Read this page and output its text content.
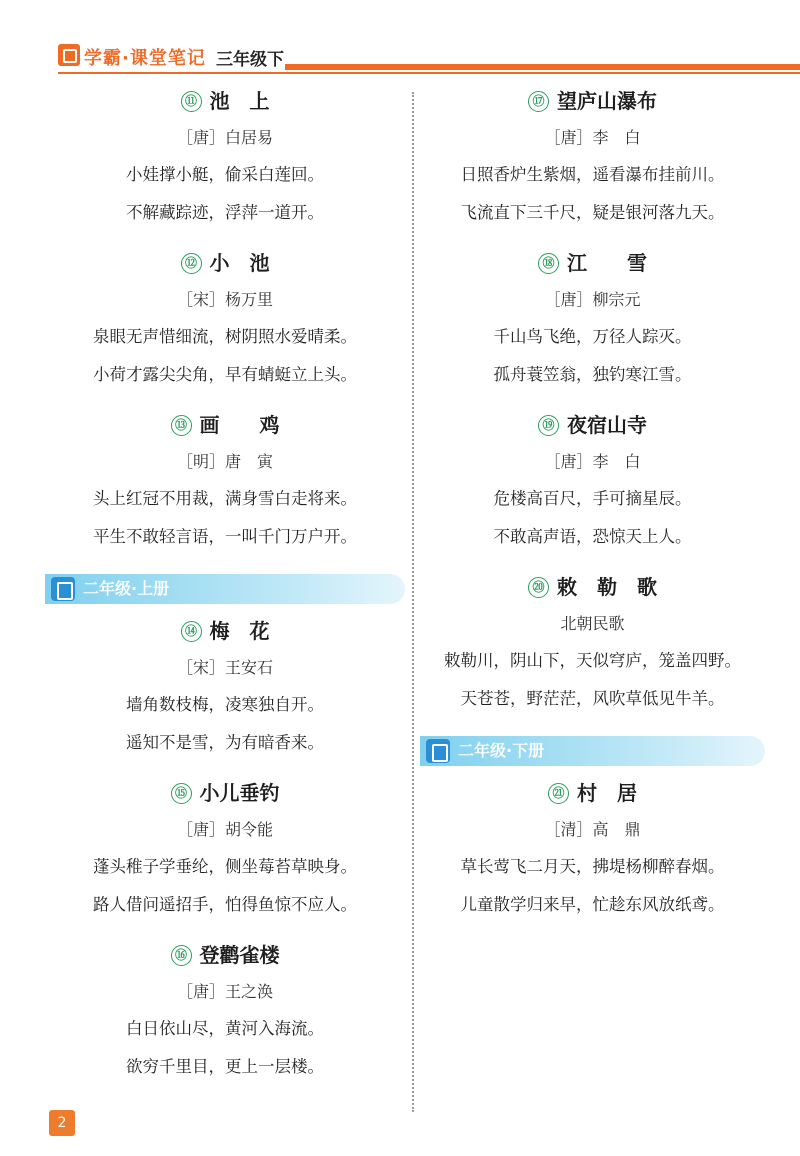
学霸·课堂笔记 三年级下
⑪ 池　上
［唐］白居易
小娃撑小艇，偷采白莲回。
不解藏踪迹，浮萍一道开。
⑫ 小　池
［宋］杨万里
泉眼无声惜细流，树阴照水爱晴柔。
小荷才露尖尖角，早有蜻蜓立上头。
⑬ 画　　鸡
［明］唐　寅
头上红冠不用裁，满身雪白走将来。
平生不敢轻言语，一叫千门万户开。
二年级·上册
⑭ 梅　花
［宋］王安石
墙角数枝梅，凌寒独自开。
遥知不是雪，为有暗香来。
⑮ 小儿垂钓
［唐］胡令能
蓬头稚子学垂纶，侧坐莓苔草映身。
路人借问遥招手，怕得鱼惊不应人。
⑯ 登鹳雀楼
［唐］王之涣
白日依山尽，黄河入海流。
欲穷千里目，更上一层楼。
⑰ 望庐山瀑布
［唐］李　白
日照香炉生紫烟，遥看瀑布挂前川。
飞流直下三千尺，疑是银河落九天。
⑱ 江　　雪
［唐］柳宗元
千山鸟飞绝，万径人踪灭。
孤舟蓑笠翁，独钓寒江雪。
⑲ 夜宿山寺
［唐］李　白
危楼高百尺，手可摘星辰。
不敢高声语，恐惊天上人。
⑳ 敕　勒　歌
北朝民歌
敕勒川，阴山下，天似穹庐，笼盖四野。
天苍苍，野茫茫，风吹草低见牛羊。
二年级·下册
㉑ 村　居
［清］高　鼎
草长莺飞二月天，拂堤杨柳醉春烟。
儿童散学归来早，忙趁东风放纸鸢。
2
